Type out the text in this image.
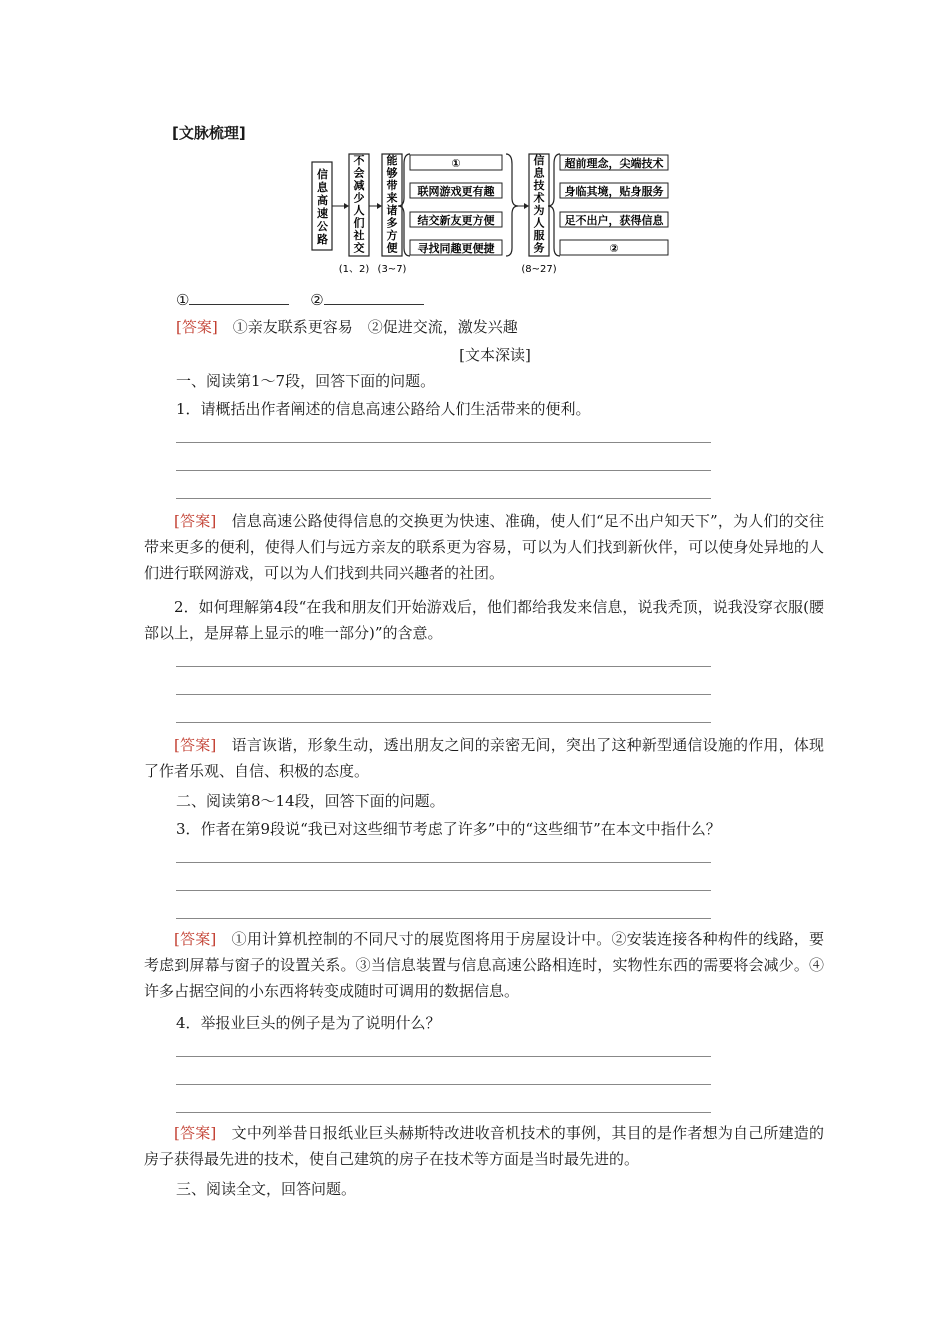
[文脉梳理]
信息高速公路
不会减少人们社交
(1、2)
能够带来诸多方便
(3~7)
①
联网游戏更有趣
结交新友更方便
寻找同趣更便捷
信息技术为人服务
(8~27)
超前理念，尖端技术
身临其境，贴身服务
足不出户，获得信息
②
①	②
[答案]　 ①亲友联系更容易　②促进交流，激发兴趣
[文本深读]
一、阅读第1～7段，回答下面的问题。
1．请概括出作者阐述的信息高速公路给人们生活带来的便利。
[答案]　 信息高速公路使得信息的交换更为快速、准确，使人们“足不出户知天下”，为人们的交往带来更多的便利，使得人们与远方亲友的联系更为容易，可以为人们找到新伙伴，可以使身处异地的人们进行联网游戏，可以为人们找到共同兴趣者的社团。
2．如何理解第4段“在我和朋友们开始游戏后，他们都给我发来信息，说我秃顶，说我没穿衣服(腰部以上，是屏幕上显示的唯一部分)”的含意。
[答案]　 语言诙谐，形象生动，透出朋友之间的亲密无间，突出了这种新型通信设施的作用，体现了作者乐观、自信、积极的态度。
二、阅读第8～14段，回答下面的问题。
3．作者在第9段说“我已对这些细节考虑了许多”中的“这些细节”在本文中指什么？
[答案]　 ①用计算机控制的不同尺寸的展览图将用于房屋设计中。②安装连接各种构件的线路，要考虑到屏幕与窗子的设置关系。③当信息装置与信息高速公路相连时，实物性东西的需要将会减少。④许多占据空间的小东西将转变成随时可调用的数据信息。
4．举报业巨头的例子是为了说明什么？
[答案]　 文中列举昔日报纸业巨头赫斯特改进收音机技术的事例，其目的是作者想为自己所建造的房子获得最先进的技术，使自己建筑的房子在技术等方面是当时最先进的。
三、阅读全文，回答问题。
